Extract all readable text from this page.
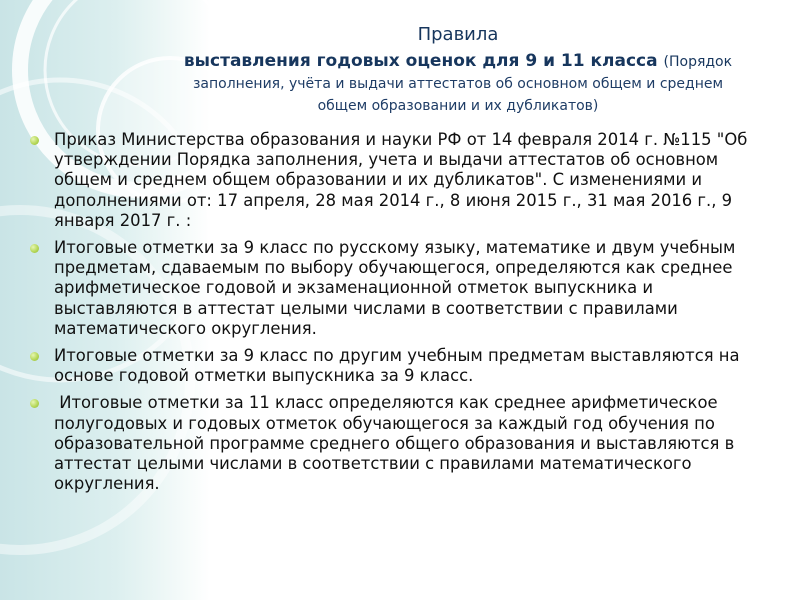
Правила
выставления годовых оценок для 9 и 11 класса (Порядок
заполнения, учёта и выдачи аттестатов об основном общем и среднем
общем образовании и их дубликатов)
Приказ Министерства образования и науки РФ от 14 февраля 2014 г. №115 "Об утверждении Порядка заполнения, учета и выдачи аттестатов об основном общем и среднем общем образовании и их дубликатов". С изменениями и дополнениями от: 17 апреля, 28 мая 2014 г., 8 июня 2015 г., 31 мая 2016 г., 9 января 2017 г. :
Итоговые отметки за 9 класс по русскому языку, математике и двум учебным предметам, сдаваемым по выбору обучающегося, определяются как среднее арифметическое годовой и экзаменационной отметок выпускника и выставляются в аттестат целыми числами в соответствии с правилами математического округления.
Итоговые отметки за 9 класс по другим учебным предметам выставляются на основе годовой отметки выпускника за 9 класс.
Итоговые отметки за 11 класс определяются как среднее арифметическое полугодовых и годовых отметок обучающегося за каждый год обучения по образовательной программе среднего общего образования и выставляются в аттестат целыми числами в соответствии с правилами математического округления.
